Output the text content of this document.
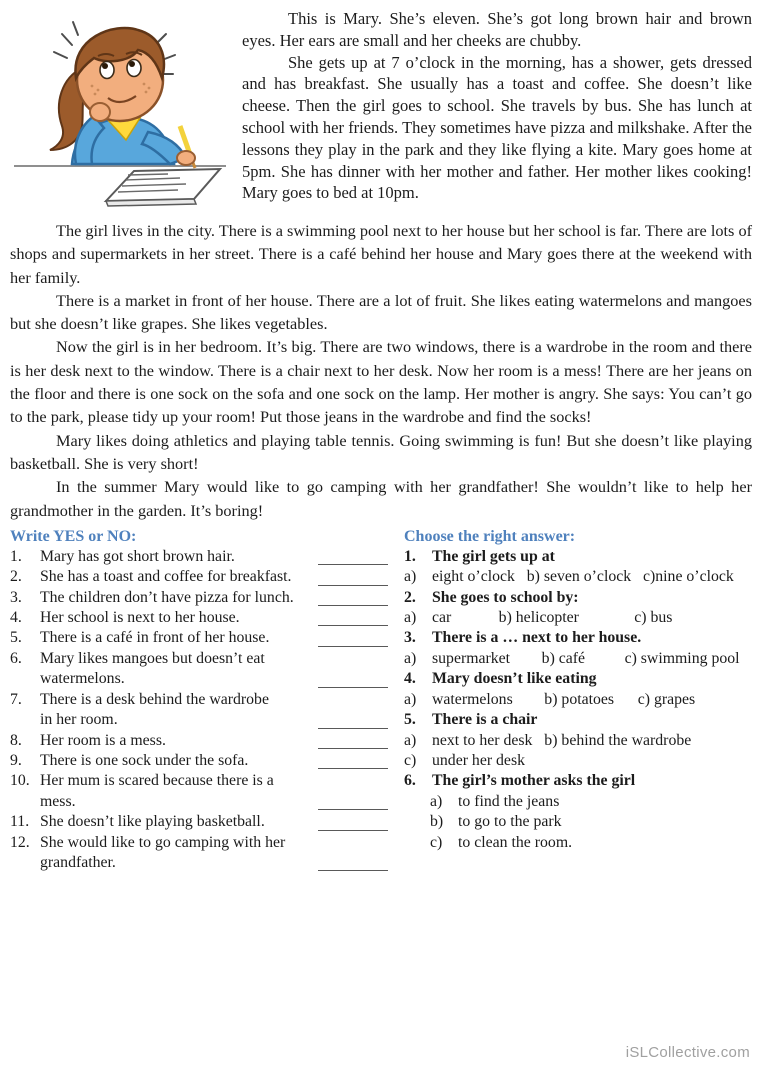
This is Mary. She’s eleven. She’s got long brown hair and brown eyes. Her ears are small and her cheeks are chubby.

She gets up at 7 o’clock in the morning, has a shower, gets dressed and has breakfast. She usually has a toast and coffee. She doesn’t like cheese. Then the girl goes to school. She travels by bus. She has lunch at school with her friends. They sometimes have pizza and milkshake. After the lessons they play in the park and they like flying a kite. Mary goes home at 5pm. She has dinner with her mother and father. Her mother likes cooking! Mary goes to bed at 10pm.

The girl lives in the city. There is a swimming pool next to her house but her school is far. There are lots of shops and supermarkets in her street. There is a café behind her house and Mary goes there at the weekend with her family.

There is a market in front of her house. There are a lot of fruit. She likes eating watermelons and mangoes but she doesn’t like grapes. She likes vegetables.

Now the girl is in her bedroom. It’s big. There are two windows, there is a wardrobe in the room and there is her desk next to the window. There is a chair next to her desk. Now her room is a mess! There are her jeans on the floor and there is one sock on the sofa and one sock on the lamp. Her mother is angry. She says: You can’t go to the park, please tidy up your room! Put those jeans in the wardrobe and find the socks!

Mary likes doing athletics and playing table tennis. Going swimming is fun! But she doesn’t like playing basketball. She is very short!

In the summer Mary would like to go camping with her grandfather! She wouldn’t like to help her grandmother in the garden. It’s boring!

Write YES or NO:
1.	Mary has got short brown hair.
2.	She has a toast and coffee for breakfast.
3.	The children don’t have pizza for lunch.
4.	Her school is next to her house.
5.	There is a café in front of her house.
6.	Mary likes mangoes but doesn’t eat
watermelons.
7.	There is a desk behind the wardrobe
in her room.
8.	Her room is a mess.
9.	There is one sock under the sofa.
10. Her mum is scared because there is a
mess.
11. She doesn’t like playing basketball.
12. She would like to go camping with her
grandfather.
Choose the right answer:
1.	The girl gets up at
a) eight o’clock   b) seven o’clock   c)nine o’clock
2.	She goes to school by:
a) car            b) helicopter              c) bus
3.	There is a … next to her house.
a) supermarket        b) café          c) swimming pool
4.	Mary doesn’t like eating
a) watermelons        b) potatoes      c) grapes
5.	There is a chair
a) next to her desk   b) behind the wardrobe
c) under her desk
6.	The girl’s mother asks the girl
a) to find the jeans
b) to go to the park
c) to clean the room.
iSLCollective.com
